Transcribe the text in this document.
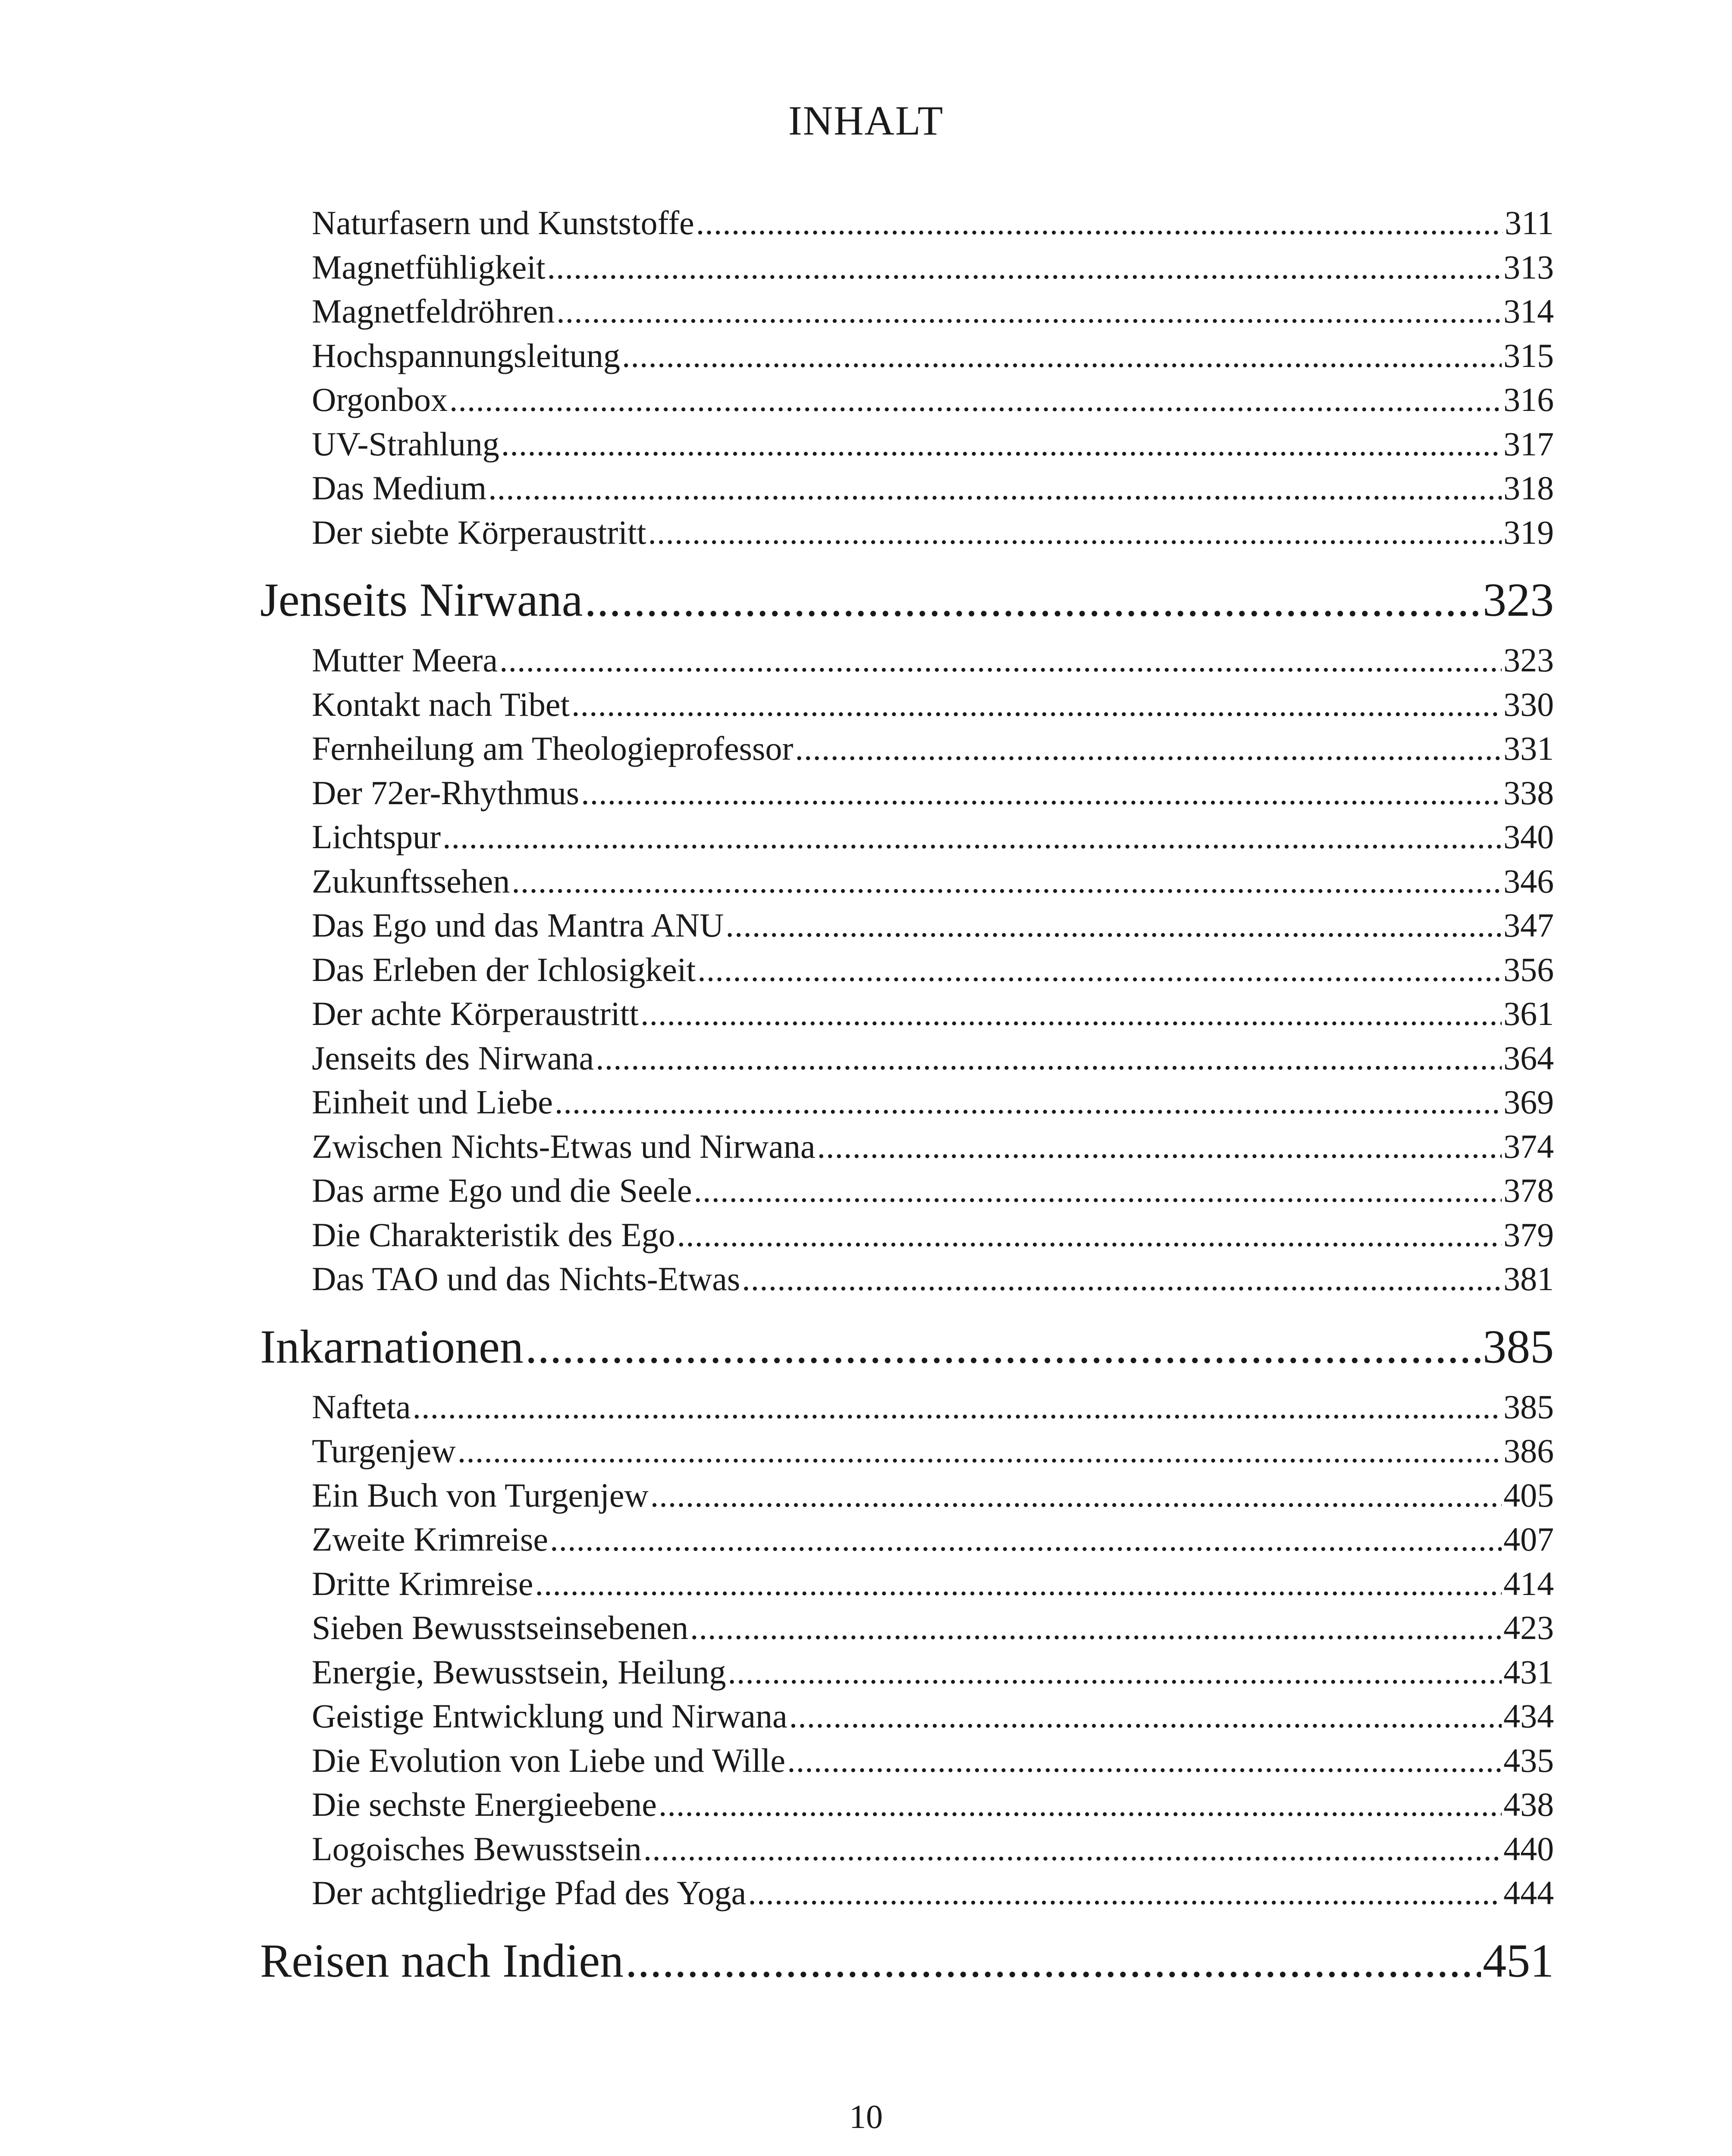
INHALT
Naturfasern und Kunststoffe .....	311
Magnetfühligkeit .....	313
Magnetfeldröhren .....	314
Hochspannungsleitung .....	315
Orgonbox .....	316
UV-Strahlung .....	317
Das Medium .....	318
Der siebte Körperaustritt .....	319
Jenseits Nirwana .....	323
Mutter Meera .....	323
Kontakt nach Tibet .....	330
Fernheilung am Theologieprofessor .....	331
Der 72er-Rhythmus .....	338
Lichtspur .....	340
Zukunftssehen .....	346
Das Ego und das Mantra ANU .....	347
Das Erleben der Ichlosigkeit .....	356
Der achte Körperaustritt .....	361
Jenseits des Nirwana .....	364
Einheit und Liebe .....	369
Zwischen Nichts-Etwas und Nirwana .....	374
Das arme Ego und die Seele .....	378
Die Charakteristik des Ego .....	379
Das TAO und das Nichts-Etwas .....	381
Inkarnationen .....	385
Nafteta .....	385
Turgenjew .....	386
Ein Buch von Turgenjew .....	405
Zweite Krimreise .....	407
Dritte Krimreise .....	414
Sieben Bewusstseinsebenen .....	423
Energie, Bewusstsein, Heilung .....	431
Geistige Entwicklung und Nirwana .....	434
Die Evolution von Liebe und Wille .....	435
Die sechste Energieebene .....	438
Logoisches Bewusstsein .....	440
Der achtgliedrige Pfad des Yoga .....	444
Reisen nach Indien .....	451
10
